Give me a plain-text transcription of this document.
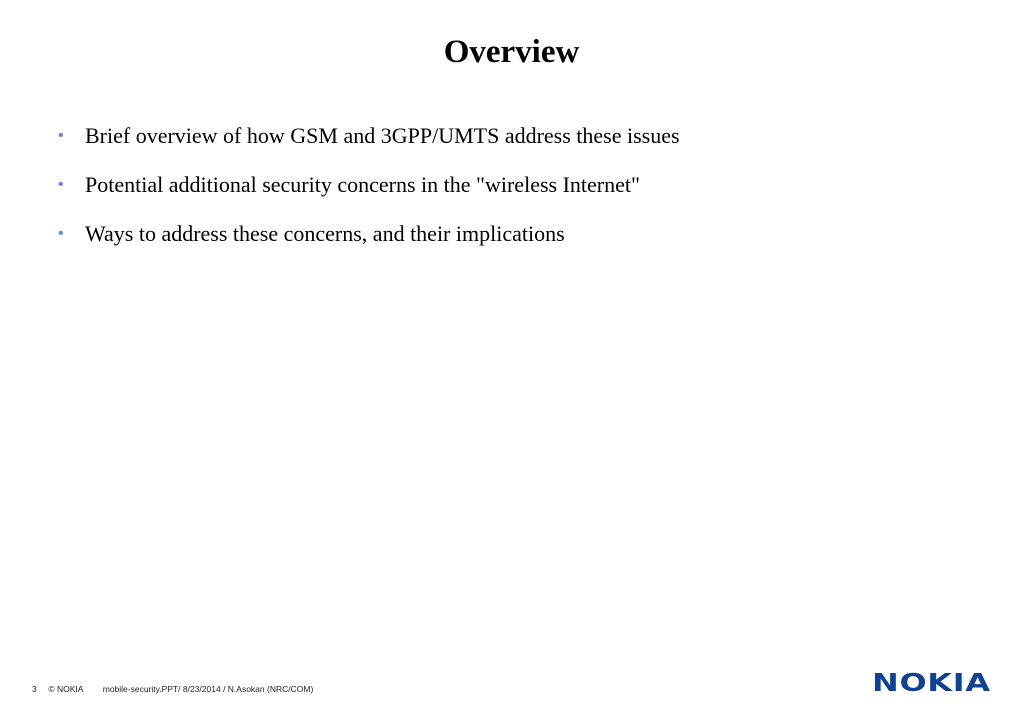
Overview
• Brief overview of how GSM and 3GPP/UMTS address these issues
• Potential additional security concerns in the "wireless Internet"
• Ways to address these concerns, and their implications
3 © NOKIA mobile-security.PPT/ 8/23/2014 / N.Asokan (NRC/COM)	NOKIA
